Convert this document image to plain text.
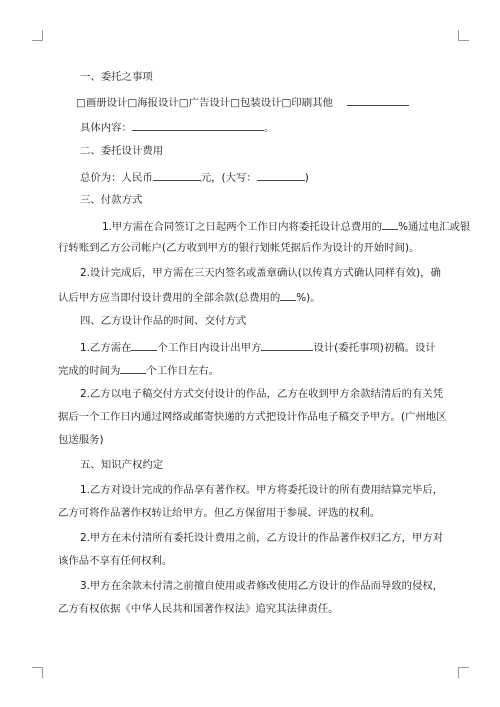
一、委托之事项
□画册设计□海报设计□广告设计□包装设计□印刷其他
具体内容：	。
二、委托设计费用
总价为：人民币	元，(大写：	)
三、付款方式
1.甲方需在合同签订之日起两个工作日内将委托设计总费用的 %通过电汇或银
行转账到乙方公司帐户(乙方收到甲方的银行划帐凭据后作为设计的开始时间)。
2.设计完成后，甲方需在三天内签名或盖章确认(以传真方式确认同样有效)，确
认后甲方应当即付设计费用的全部余款(总费用的 %)。
四、乙方设计作品的时间、交付方式
1.乙方需在	个工作日内设计出甲方	设计(委托事项)初稿。设计
完成的时间为	个工作日左右。
2.乙方以电子稿交付方式交付设计的作品，乙方在收到甲方余款结清后的有关凭
据后一个工作日内通过网络或邮寄快递的方式把设计作品电子稿交予甲方。(广州地区
包送服务)
五、知识产权约定
1.乙方对设计完成的作品享有著作权。甲方将委托设计的所有费用结算完毕后，
乙方可将作品著作权转让给甲方。但乙方保留用于参展、评选的权利。
2.甲方在未付清所有委托设计费用之前，乙方设计的作品著作权归乙方，甲方对
该作品不享有任何权利。
3.甲方在余款未付清之前擅自使用或者修改使用乙方设计的作品而导致的侵权，
乙方有权依据《中华人民共和国著作权法》追究其法律责任。
